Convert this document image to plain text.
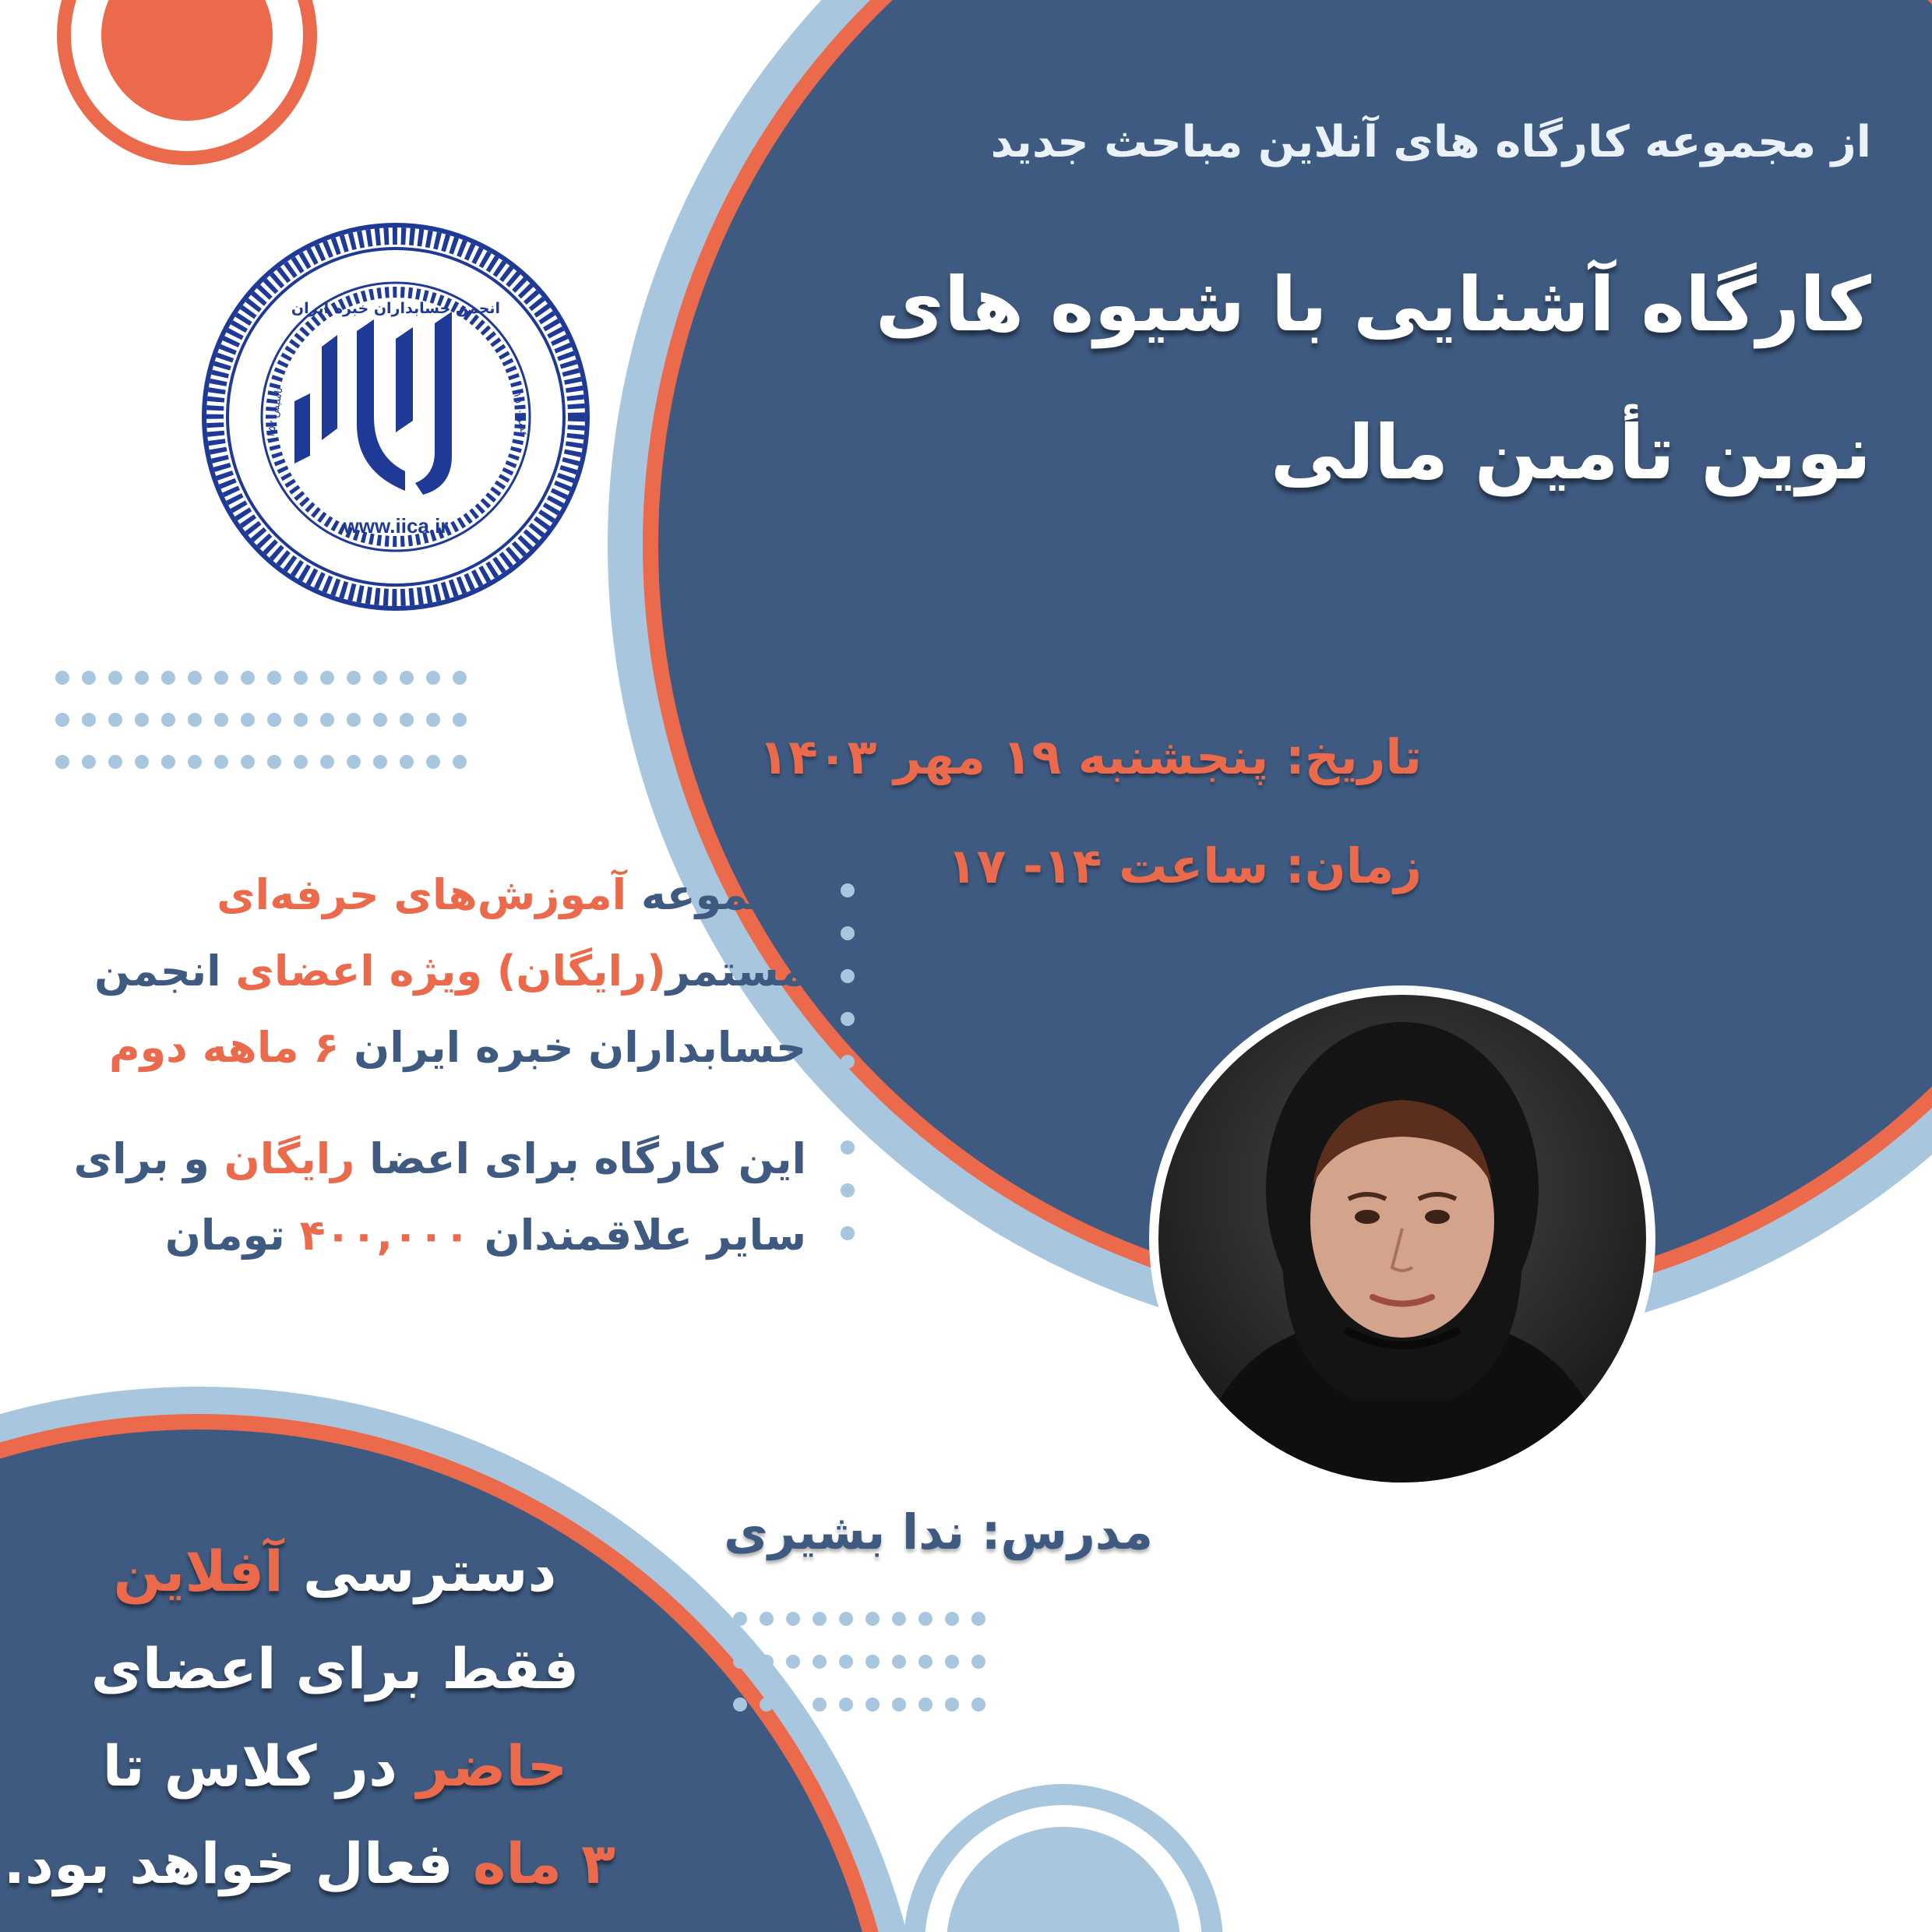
انجمن حسابداران خبره ایران
www.iica.ir
۱۵۰۰ عضو
تاسیس ۱۳۵۲
از مجموعه کارگاه های آنلاین مباحث جدید
کارگاه آشنایی با شیوه های
نوین تأمین مالی
تاریخ: پنجشنبه ۱۹ مهر ۱۴۰۳
زمان: ساعت ۱۴- ۱۷
مجموعه آموزش‌های حرفه‌ای
مستمر(رایگان) ویژه اعضای انجمن
حسابداران خبره ایران ۶ ماهه دوم
این کارگاه برای اعضا رایگان و برای
سایر علاقمندان ۴۰۰,۰۰۰ تومان
مدرس: ندا بشیری
دسترسی آفلاین
فقط برای اعضای
حاضر در کلاس تا
۳ ماه فعال خواهد بود.
